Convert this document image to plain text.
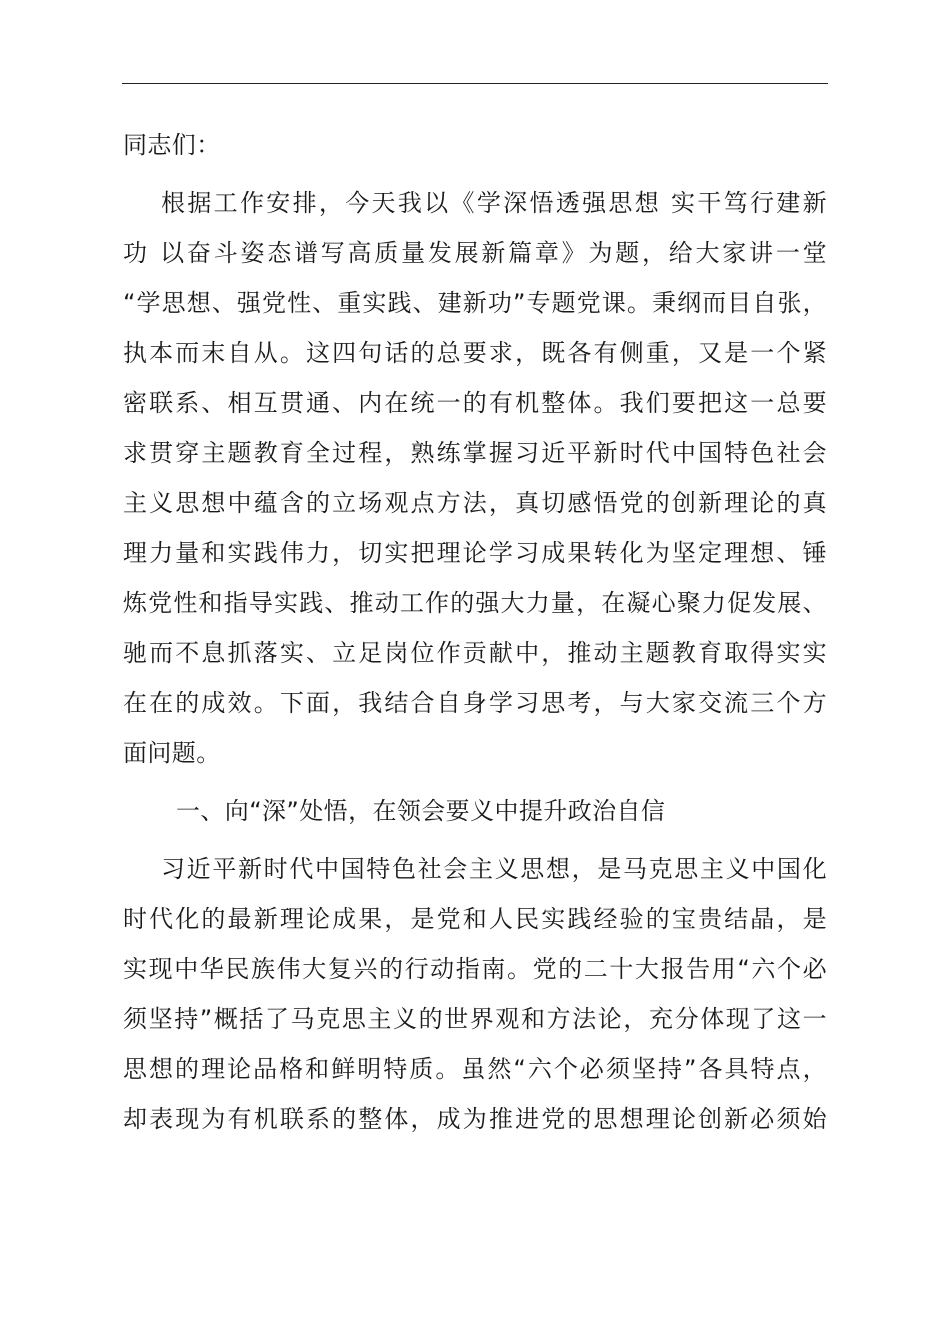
同志们：
根据工作安排，今天我以《学深悟透强思想 实干笃行建新
功 以奋斗姿态谱写高质量发展新篇章》为题，给大家讲一堂
“学思想、强党性、重实践、建新功”专题党课。秉纲而目自张，
执本而末自从。这四句话的总要求，既各有侧重，又是一个紧
密联系、相互贯通、内在统一的有机整体。我们要把这一总要
求贯穿主题教育全过程，熟练掌握习近平新时代中国特色社会
主义思想中蕴含的立场观点方法，真切感悟党的创新理论的真
理力量和实践伟力，切实把理论学习成果转化为坚定理想、锤
炼党性和指导实践、推动工作的强大力量，在凝心聚力促发展、
驰而不息抓落实、立足岗位作贡献中，推动主题教育取得实实
在在的成效。下面，我结合自身学习思考，与大家交流三个方
面问题。
一、向“深”处悟，在领会要义中提升政治自信
习近平新时代中国特色社会主义思想，是马克思主义中国化
时代化的最新理论成果，是党和人民实践经验的宝贵结晶，是
实现中华民族伟大复兴的行动指南。党的二十大报告用“六个必
须坚持”概括了马克思主义的世界观和方法论，充分体现了这一
思想的理论品格和鲜明特质。虽然“六个必须坚持”各具特点，
却表现为有机联系的整体，成为推进党的思想理论创新必须始
